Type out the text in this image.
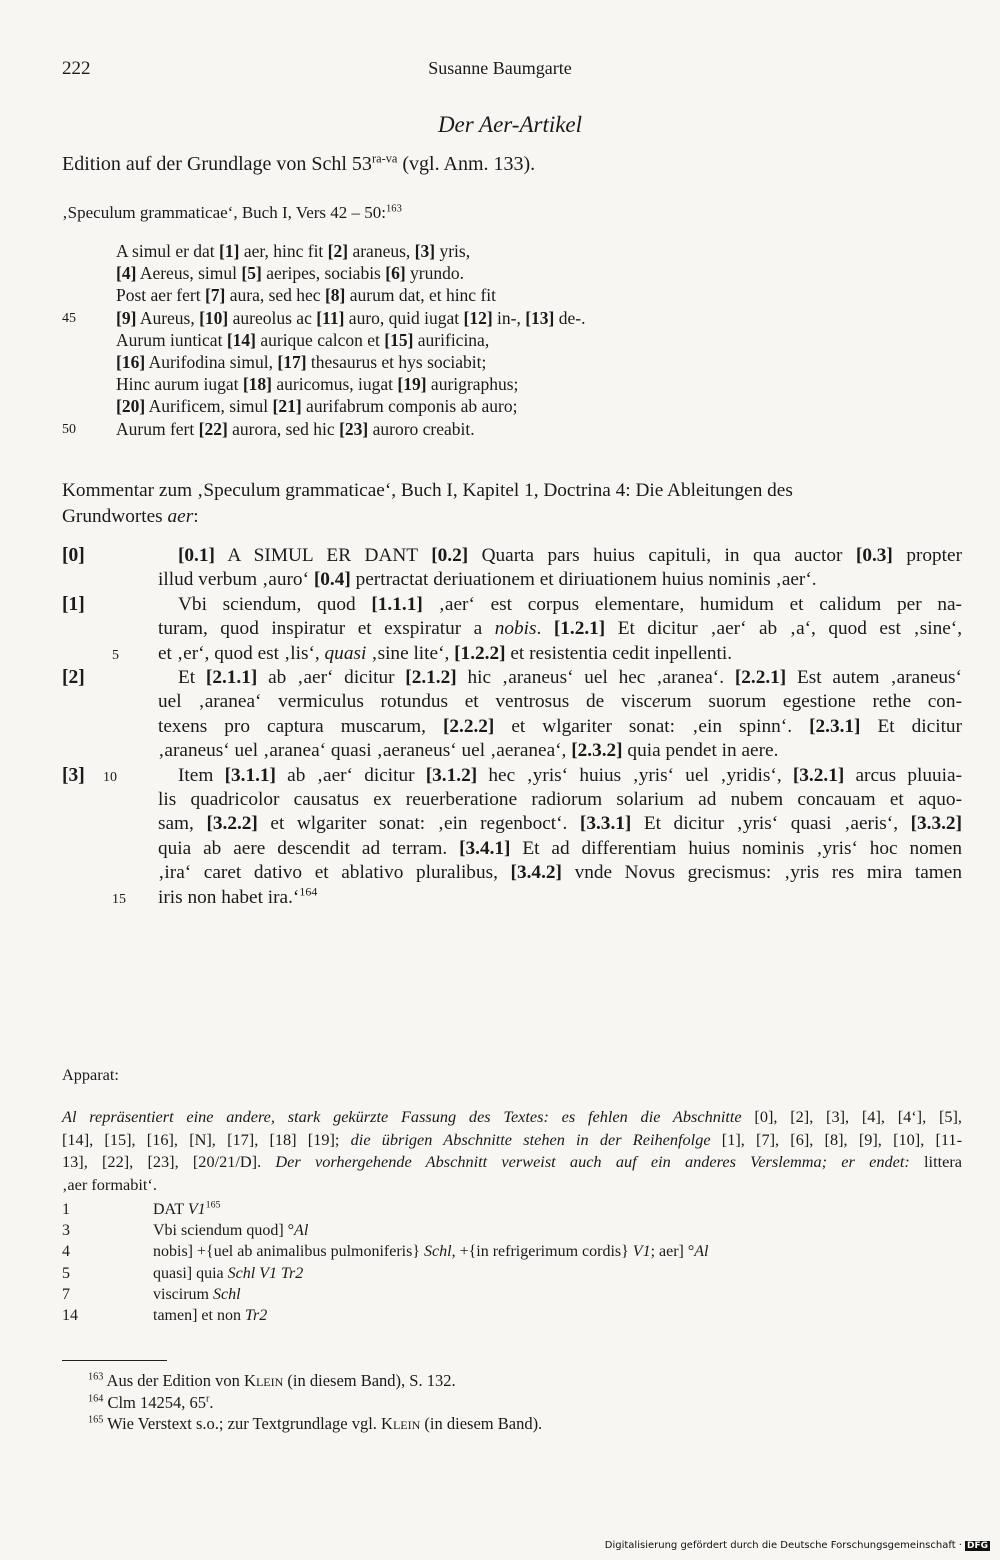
222	Susanne Baumgarte
Der Aer-Artikel
Edition auf der Grundlage von Schl $53^{ra-va}$ (vgl. Anm. 133).
‚Speculum grammaticae‘, Buch I, Vers 42 – 50:$^{163}$
A simul er dat [1] aer, hinc fit [2] araneus, [3] yris,
[4] Aereus, simul [5] aeripes, sociabis [6] yrundo.
Post aer fert [7] aura, sed hec [8] aurum dat, et hinc fit
45 [9] Aureus, [10] aureolus ac [11] auro, quid iugat [12] in-, [13] de-.
Aurum iunticat [14] aurique calcon et [15] aurificina,
[16] Aurifodina simul, [17] thesaurus et hys sociabit;
Hinc aurum iugat [18] auricomus, iugat [19] aurigraphus;
[20] Aurificem, simul [21] aurifabrum componis ab auro;
50 Aurum fert [22] aurora, sed hic [23] auroro creabit.
Kommentar zum ‚Speculum grammaticae‘, Buch I, Kapitel 1, Doctrina 4: Die Ableitungen des
Grundwortes aer:
[0]	[0.1] A SIMUL ER DANT [0.2] Quarta pars huius capituli, in qua auctor [0.3] propter
illud verbum ‚auro‘ [0.4] pertractat deriuationem et diriuationem huius nominis ‚aer‘.
[1]	Vbi sciendum, quod [1.1.1] ‚aer‘ est corpus elementare, humidum et calidum per na-
turam, quod inspiratur et exspiratur a nobis. [1.2.1] Et dicitur ‚aer‘ ab ‚a‘, quod est ‚sine‘,
et ‚er‘, quod est ‚lis‘, quasi ‚sine lite‘, [1.2.2] et resistentia cedit inpellenti.
5
[2]	Et [2.1.1] ab ‚aer‘ dicitur [2.1.2] hic ‚araneus‘ uel hec ‚aranea‘. [2.2.1] Est autem ‚araneus‘
uel ‚aranea‘ vermiculus rotundus et ventrosus de viscerum suorum egestione rethe con-
texens pro captura muscarum, [2.2.2] et wlgariter sonat: ‚ein spinn‘. [2.3.1] Et dicitur
‚araneus‘ uel ‚aranea‘ quasi ‚aeraneus‘ uel ‚aeranea‘, [2.3.2] quia pendet in aere.
[3]	Item [3.1.1] ab ‚aer‘ dicitur [3.1.2] hec ‚yris‘ huius ‚yris‘ uel ‚yridis‘, [3.2.1] arcus pluuia-
10
lis quadricolor causatus ex reuerberatione radiorum solarium ad nubem concauam et aquo-
sam, [3.2.2] et wlgariter sonat: ‚ein regenboct‘. [3.3.1] Et dicitur ‚yris‘ quasi ‚aeris‘, [3.3.2]
quia ab aere descendit ad terram. [3.4.1] Et ad differentiam huius nominis ‚yris‘ hoc nomen
‚ira‘ caret dativo et ablativo pluralibus, [3.4.2] vnde Novus grecismus: ‚yris res mira tamen
iris non habet ira.‘$^{164}$
15
Apparat:
Al repräsentiert eine andere, stark gekürzte Fassung des Textes: es fehlen die Abschnitte [0], [2], [3], [4], [4‘], [5],
[14], [15], [16], [N], [17], [18] [19]; die übrigen Abschnitte stehen in der Reihenfolge [1], [7], [6], [8], [9], [10], [11-
13], [22], [23], [20/21/D]. Der vorhergehende Abschnitt verweist auch auf ein anderes Verslemma; er endet: littera
‚aer formabit‘.
1	DAT $V1^{165}$
3	Vbi sciendum quod] °Al
4	nobis] +{uel ab animalibus pulmoniferis} Schl, +{in refrigerimum cordis} V1; aer] °Al
5	quasi] quia Schl V1 Tr2
7	viscirum Schl
14	tamen] et non Tr2
$^{163}$ Aus der Edition von Klein (in diesem Band), S. 132.
$^{164}$ Clm 14254, 65$^r$.
$^{165}$ Wie Verstext s.o.; zur Textgrundlage vgl. Klein (in diesem Band).
Digitalisierung gefördert durch die Deutsche Forschungsgemeinschaft · DFG
